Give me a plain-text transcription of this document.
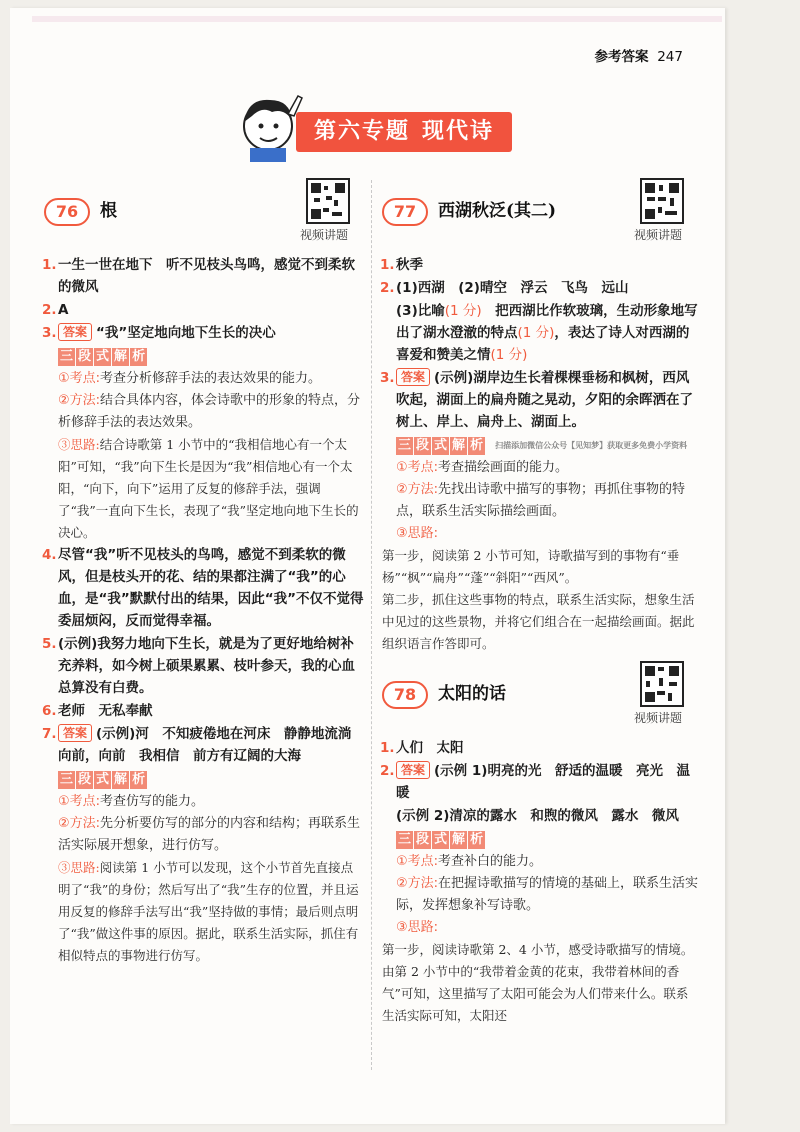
参考答案 247
第六专题 现代诗
76	根
视频讲题
1. 一生一世在地下　听不见枝头鸟鸣，感觉不到柔软的微风
2. A
3. 答案 “我”坚定地向地下生长的决心
三 段 式 解 析
①考点:考查分析修辞手法的表达效果的能力。
②方法:结合具体内容，体会诗歌中的形象的特点，分析修辞手法的表达效果。
③思路:结合诗歌第 1 小节中的“我相信地心有一个太阳”可知，“我”向下生长是因为“我”相信地心有一个太阳，“向下，向下”运用了反复的修辞手法，强调了“我”一直向下生长，表现了“我”坚定地向地下生长的决心。
4. 尽管“我”听不见枝头的鸟鸣，感觉不到柔软的微风，但是枝头开的花、结的果都注满了“我”的心血，是“我”默默付出的结果，因此“我”不仅不觉得委屈烦闷，反而觉得幸福。
5. (示例)我努力地向下生长，就是为了更好地给树补充养料，如今树上硕果累累、枝叶参天，我的心血总算没有白费。
6. 老师　无私奉献
7. 答案 (示例)河　不知疲倦地在河床　静静地流淌　向前，向前　我相信　前方有辽阔的大海
三 段 式 解 析
①考点:考查仿写的能力。
②方法:先分析要仿写的部分的内容和结构；再联系生活实际展开想象，进行仿写。
③思路:阅读第 1 小节可以发现，这个小节首先直接点明了“我”的身份；然后写出了“我”生存的位置，并且运用反复的修辞手法写出“我”坚持做的事情；最后则点明了“我”做这件事的原因。据此，联系生活实际，抓住有相似特点的事物进行仿写。
77	西湖秋泛(其二)
视频讲题
1. 秋季
2. (1)西湖　(2)晴空　浮云　飞鸟　远山
(3)比喻(1 分)　把西湖比作软玻璃，生动形象地写出了湖水澄澈的特点(1 分)，表达了诗人对西湖的喜爱和赞美之情(1 分)
3. 答案 (示例)湖岸边生长着棵棵垂杨和枫树，西风吹起，湖面上的扁舟随之晃动，夕阳的余晖洒在了树上、岸上、扁舟上、湖面上。
三 段 式 解 析 扫描添加微信公众号【见知梦】获取更多免费小学资料
①考点:考查描绘画面的能力。
②方法:先找出诗歌中描写的事物；再抓住事物的特点，联系生活实际描绘画面。
③思路:
第一步，阅读第 2 小节可知，诗歌描写到的事物有“垂杨”“枫”“扁舟”“蓬”“斜阳”“西风”。
第二步，抓住这些事物的特点，联系生活实际，想象生活中见过的这些景物，并将它们组合在一起描绘画面。据此组织语言作答即可。
78	太阳的话
视频讲题
1. 人们　太阳
2. 答案 (示例 1)明亮的光　舒适的温暖　亮光　温暖
(示例 2)清凉的露水　和煦的微风　露水　微风
三 段 式 解 析
①考点:考查补白的能力。
②方法:在把握诗歌描写的情境的基础上，联系生活实际，发挥想象补写诗歌。
③思路:
第一步，阅读诗歌第 2、4 小节，感受诗歌描写的情境。由第 2 小节中的“我带着金黄的花束，我带着林间的香气”可知，这里描写了太阳可能会为人们带来什么。联系生活实际可知，太阳还
